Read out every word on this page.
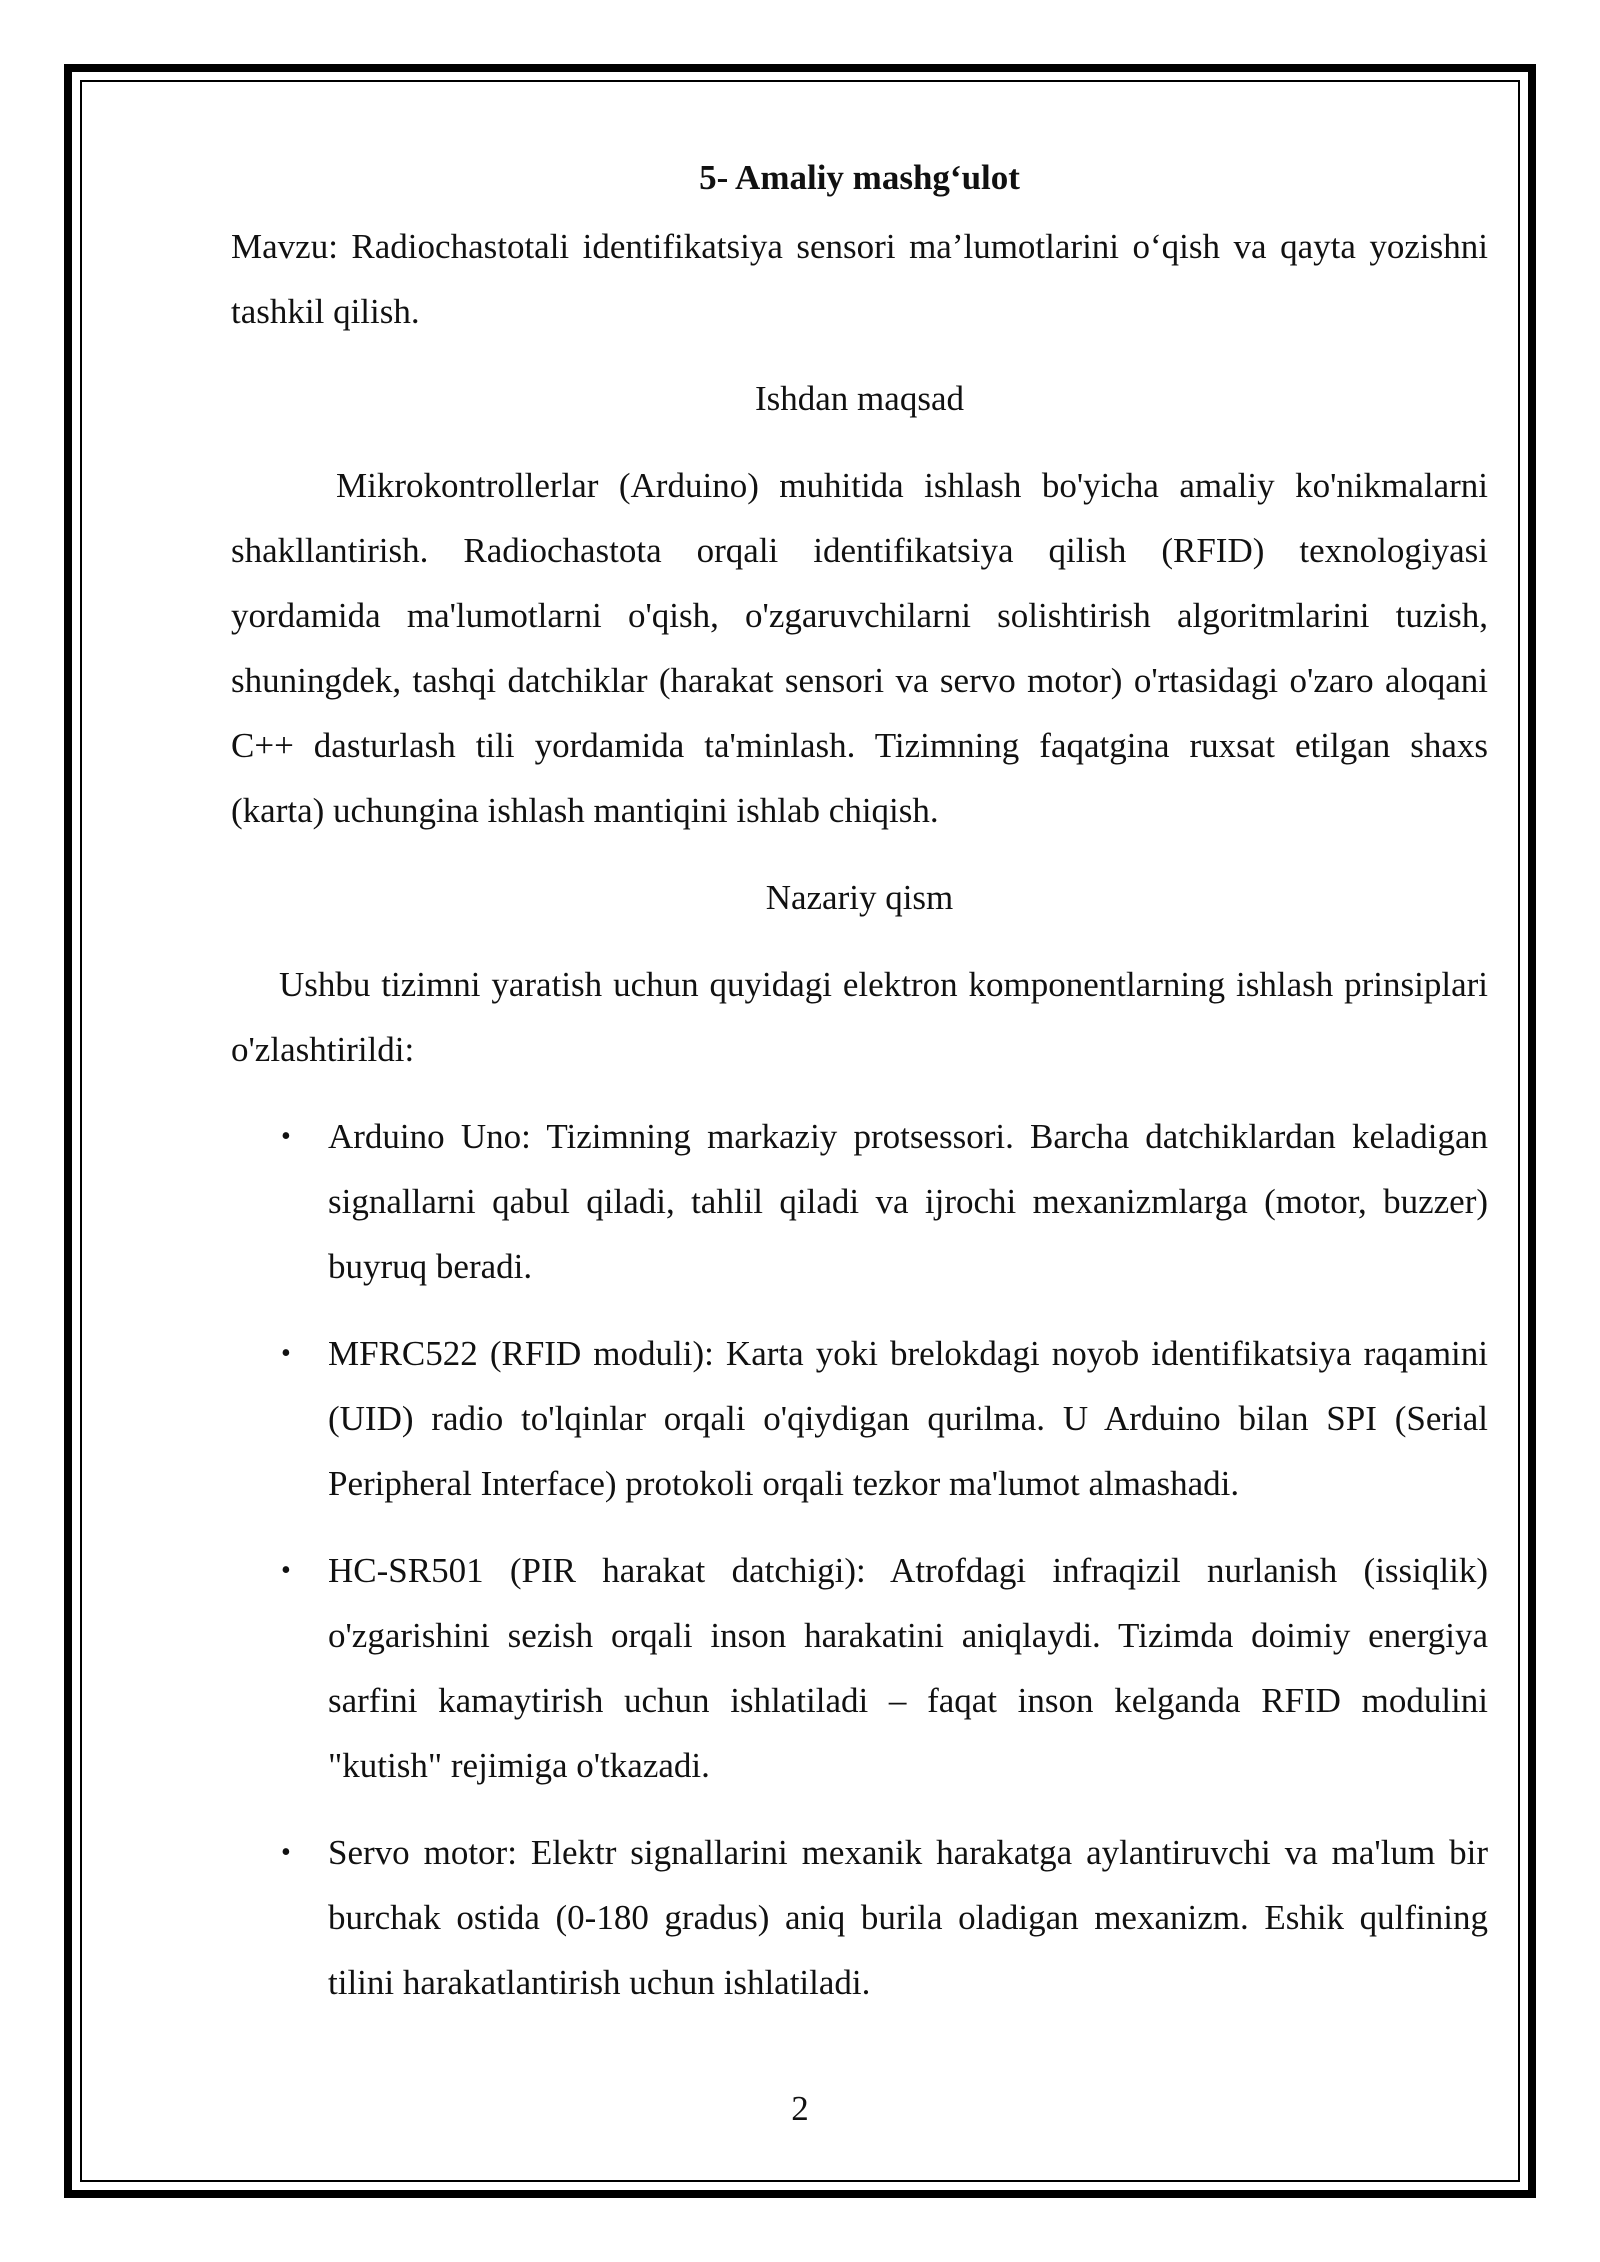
5- Amaliy mashg‘ulot

Mavzu: Radiochastotali identifikatsiya sensori ma’lumotlarini o‘qish va qayta yozishni tashkil qilish.

Ishdan maqsad

Mikrokontrollerlar (Arduino) muhitida ishlash bo'yicha amaliy ko'nikmalarni shakllantirish. Radiochastota orqali identifikatsiya qilish (RFID) texnologiyasi yordamida ma'lumotlarni o'qish, o'zgaruvchilarni solishtirish algoritmlarini tuzish, shuningdek, tashqi datchiklar (harakat sensori va servo motor) o'rtasidagi o'zaro aloqani C++ dasturlash tili yordamida ta'minlash. Tizimning faqatgina ruxsat etilgan shaxs (karta) uchungina ishlash mantiqini ishlab chiqish.

Nazariy qism

Ushbu tizimni yaratish uchun quyidagi elektron komponentlarning ishlash prinsiplari o'zlashtirildi:

• Arduino Uno: Tizimning markaziy protsessori. Barcha datchiklardan keladigan signallarni qabul qiladi, tahlil qiladi va ijrochi mexanizmlarga (motor, buzzer) buyruq beradi.
• MFRC522 (RFID moduli): Karta yoki brelokdagi noyob identifikatsiya raqamini (UID) radio to'lqinlar orqali o'qiydigan qurilma. U Arduino bilan SPI (Serial Peripheral Interface) protokoli orqali tezkor ma'lumot almashadi.
• HC-SR501 (PIR harakat datchigi): Atrofdagi infraqizil nurlanish (issiqlik) o'zgarishini sezish orqali inson harakatini aniqlaydi. Tizimda doimiy energiya sarfini kamaytirish uchun ishlatiladi – faqat inson kelganda RFID modulini "kutish" rejimiga o'tkazadi.
• Servo motor: Elektr signallarini mexanik harakatga aylantiruvchi va ma'lum bir burchak ostida (0-180 gradus) aniq burila oladigan mexanizm. Eshik qulfining tilini harakatlantirish uchun ishlatiladi.
2
